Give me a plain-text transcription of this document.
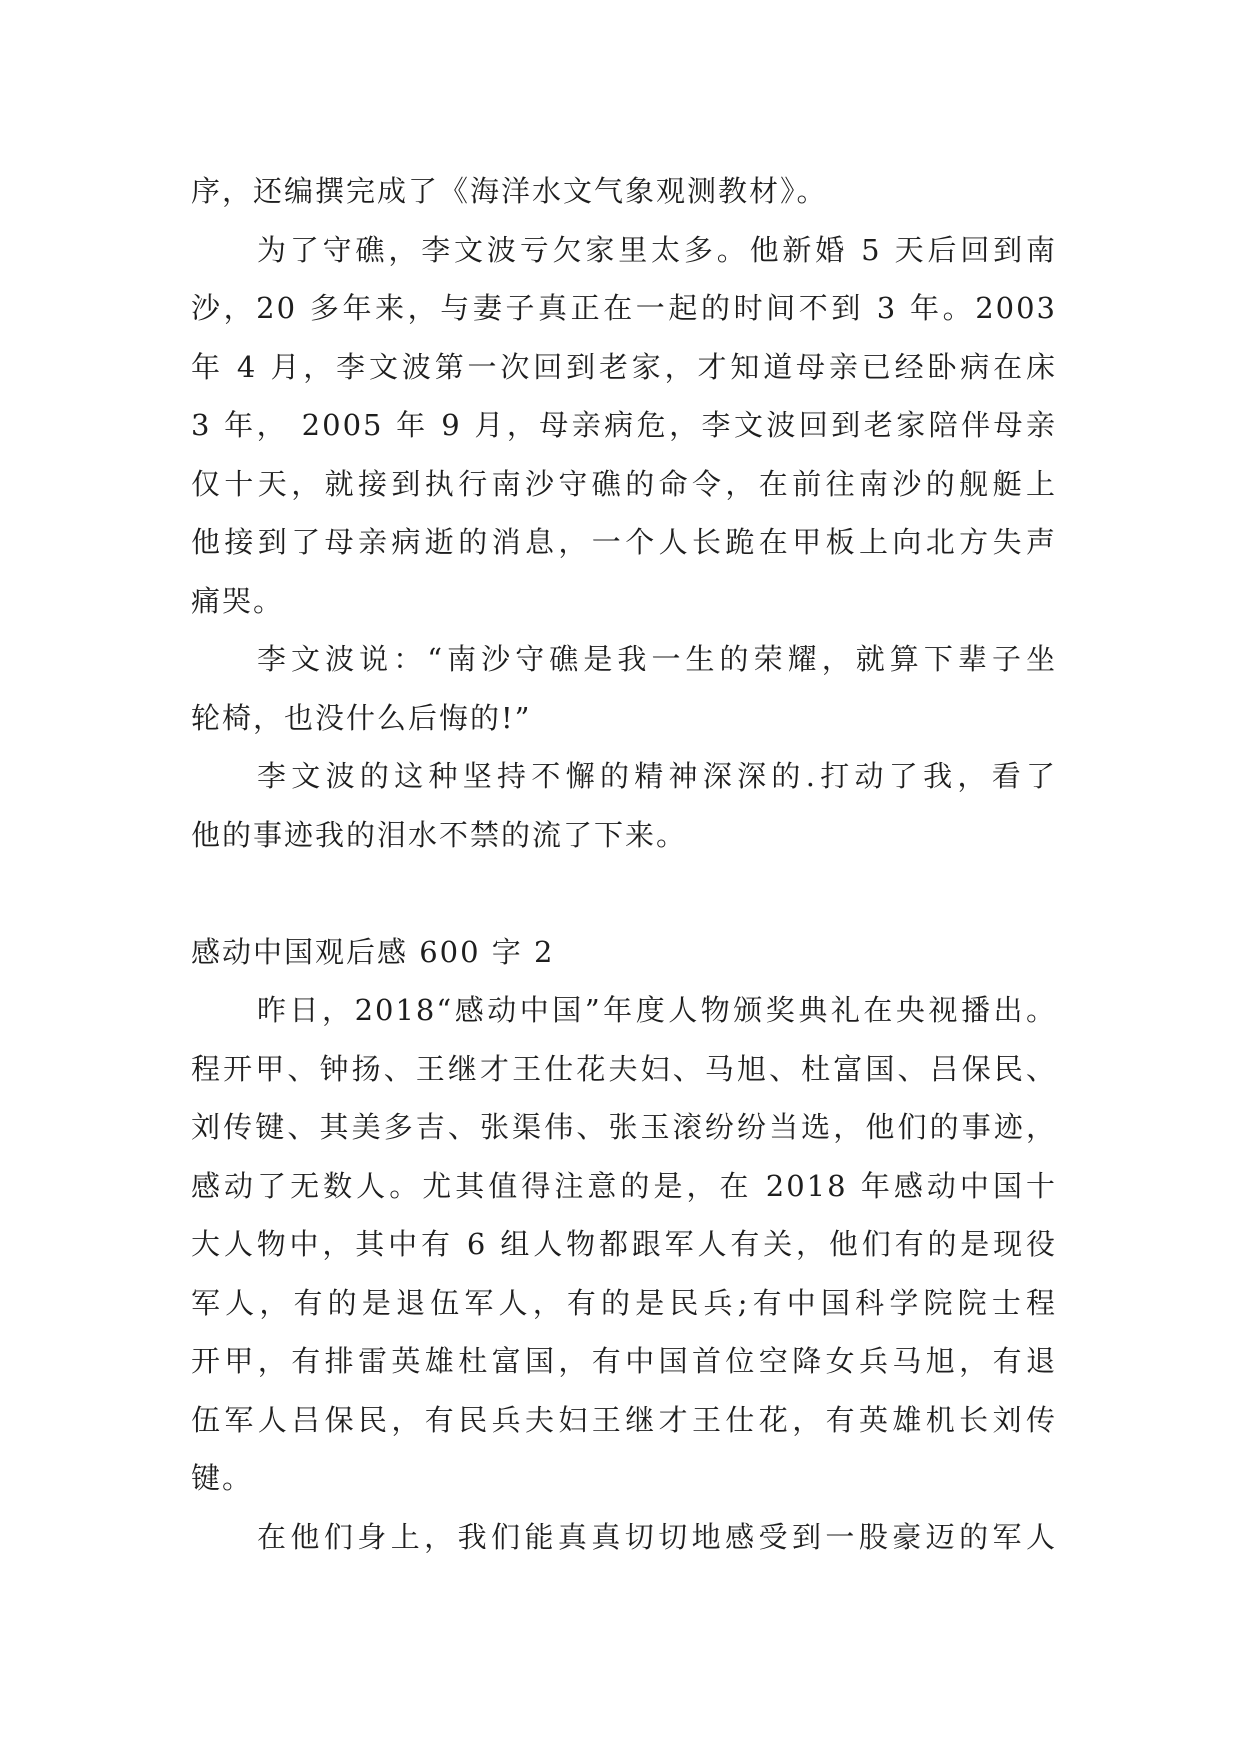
序，还编撰完成了《海洋水文气象观测教材》。
为了守礁，李文波亏欠家里太多。他新婚 5 天后回到南
沙，20 多年来，与妻子真正在一起的时间不到 3 年。2003
年 4 月，李文波第一次回到老家，才知道母亲已经卧病在床
3 年， 2005 年 9 月，母亲病危，李文波回到老家陪伴母亲
仅十天，就接到执行南沙守礁的命令，在前往南沙的舰艇上
他接到了母亲病逝的消息，一个人长跪在甲板上向北方失声
痛哭。
李文波说：“南沙守礁是我一生的荣耀，就算下辈子坐
轮椅，也没什么后悔的!”
李文波的这种坚持不懈的精神深深的.打动了我，看了
他的事迹我的泪水不禁的流了下来。
感动中国观后感 600 字 2
昨日，2018“感动中国”年度人物颁奖典礼在央视播出。
程开甲、钟扬、王继才王仕花夫妇、马旭、杜富国、吕保民、
刘传键、其美多吉、张渠伟、张玉滚纷纷当选，他们的事迹，
感动了无数人。尤其值得注意的是，在 2018 年感动中国十
大人物中，其中有 6 组人物都跟军人有关，他们有的是现役
军人，有的是退伍军人，有的是民兵;有中国科学院院士程
开甲，有排雷英雄杜富国，有中国首位空降女兵马旭，有退
伍军人吕保民，有民兵夫妇王继才王仕花，有英雄机长刘传
键。
在他们身上，我们能真真切切地感受到一股豪迈的军人
